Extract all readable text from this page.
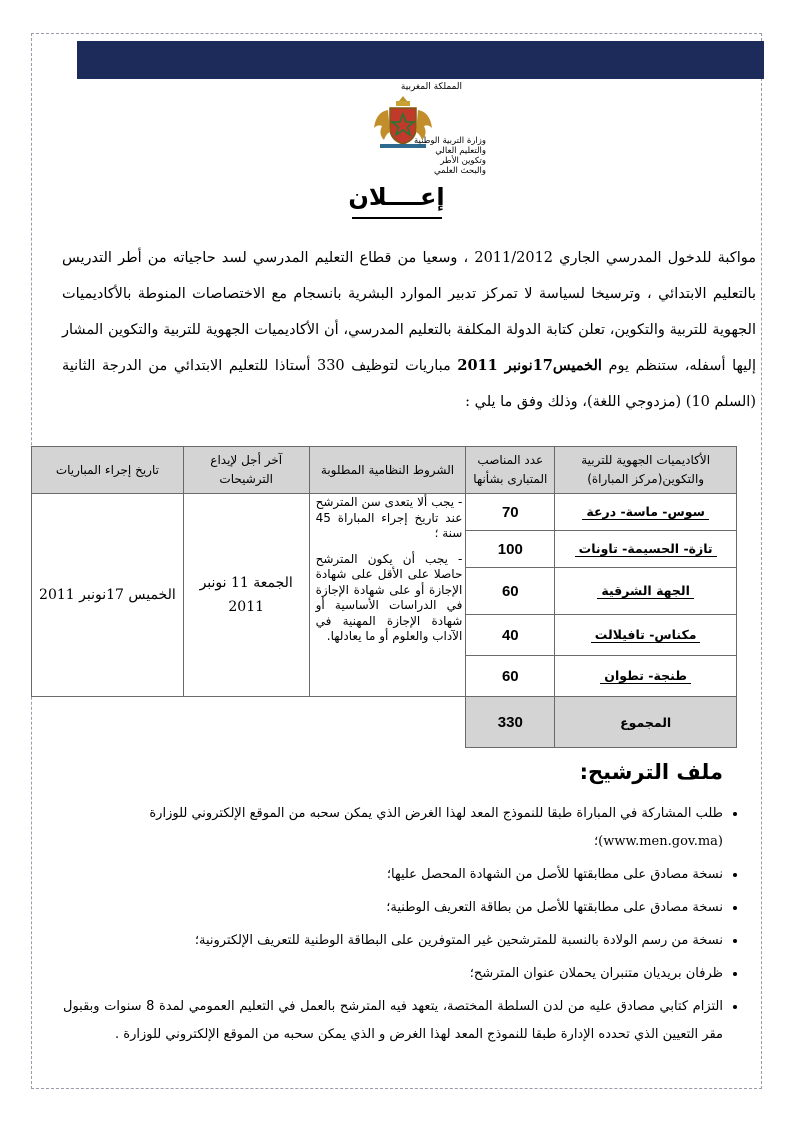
المملكة المغربية
وزارة التربية الوطنية
والتعليم العالي
وتكوين الأطر
والبحث العلمي
إعــــلان
مواكبة للدخول المدرسي الجاري 2011/2012 ، وسعيا من قطاع التعليم المدرسي لسد حاجياته من أطر التدريس بالتعليم الابتدائي ، وترسيخا لسياسة لا تمركز تدبير الموارد البشرية بانسجام مع الاختصاصات المنوطة بالأكاديميات الجهوية للتربية والتكوين، تعلن كتابة الدولة المكلفة بالتعليم المدرسي، أن الأكاديميات الجهوية للتربية والتكوين المشار إليها أسفله، ستنظم يوم الخميس17نونبر 2011 مباريات لتوظيف 330 أستاذا للتعليم الابتدائي من الدرجة الثانية (السلم 10) (مزدوجي اللغة)، وذلك وفق ما يلي :
الأكاديميات الجهوية للتربية والتكوين(مركز المباراة)	عدد المناصب المتبارى بشأنها	الشروط النظامية المطلوبة	آخر أجل لإيداع الترشيحات	تاريخ إجراء المباريات
سوس- ماسة- درعة	70	- يجب ألا يتعدى سن المترشح عند تاريخ إجراء المباراة 45 سنة ؛

- يجب أن يكون المترشح حاصلا على الأقل على شهادة الإجازة أو على شهادة الإجازة في الدراسات الأساسية أو شهادة الإجازة المهنية في الآداب والعلوم أو ما يعادلها.	الجمعة 11 نونبر 2011	الخميس 17نونبر 2011
تازة- الحسيمة- تاونات	100			
الجهة الشرقية	60			
مكناس- تافيلالت	40			
طنجة- تطوان	60			
المجموع	330			
ملف الترشيح:
• طلب المشاركة في المباراة طبقا للنموذج المعد لهذا الغرض الذي يمكن سحبه من الموقع الإلكتروني للوزارة
(www.men.gov.ma)؛
• نسخة مصادق على مطابقتها للأصل من الشهادة المحصل عليها؛
• نسخة مصادق على مطابقتها للأصل من بطاقة التعريف الوطنية؛
• نسخة من رسم الولادة بالنسبة للمترشحين غير المتوفرين على البطاقة الوطنية للتعريف الإلكترونية؛
• ظرفان بريديان متنبران يحملان عنوان المترشح؛
• التزام كتابي مصادق عليه من لدن السلطة المختصة، يتعهد فيه المترشح بالعمل في التعليم العمومي لمدة 8 سنوات وبقبول مقر التعيين الذي تحدده الإدارة طبقا للنموذج المعد لهذا الغرض و الذي يمكن سحبه من الموقع الإلكتروني للوزارة .
